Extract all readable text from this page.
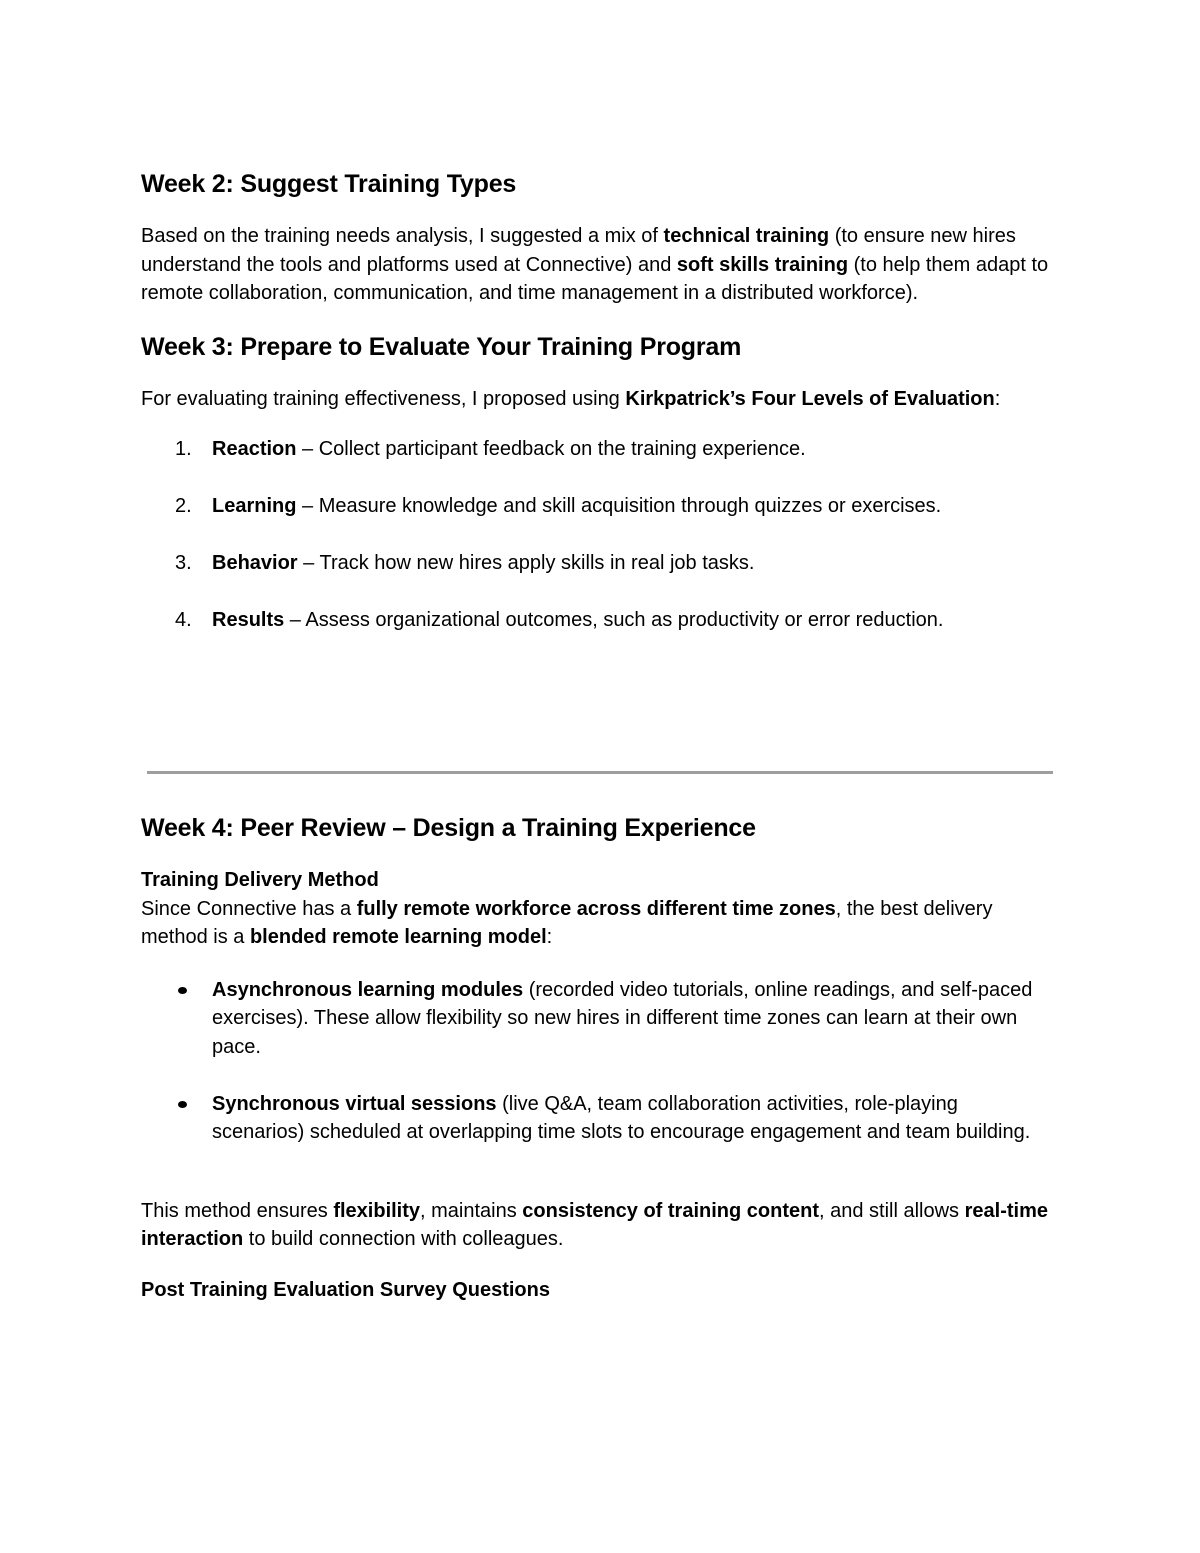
Week 2: Suggest Training Types

Based on the training needs analysis, I suggested a mix of technical training (to ensure new hires understand the tools and platforms used at Connective) and soft skills training (to help them adapt to remote collaboration, communication, and time management in a distributed workforce).

Week 3: Prepare to Evaluate Your Training Program

For evaluating training effectiveness, I proposed using Kirkpatrick’s Four Levels of Evaluation:

1. Reaction – Collect participant feedback on the training experience.
2. Learning – Measure knowledge and skill acquisition through quizzes or exercises.
3. Behavior – Track how new hires apply skills in real job tasks.
4. Results – Assess organizational outcomes, such as productivity or error reduction.
Week 4: Peer Review – Design a Training Experience

Training Delivery Method

Since Connective has a fully remote workforce across different time zones, the best delivery method is a blended remote learning model:

Asynchronous learning modules (recorded video tutorials, online readings, and self-paced exercises). These allow flexibility so new hires in different time zones can learn at their own pace.
Synchronous virtual sessions (live Q&A, team collaboration activities, role-playing scenarios) scheduled at overlapping time slots to encourage engagement and team building.

This method ensures flexibility, maintains consistency of training content, and still allows real-time interaction to build connection with colleagues.

Post Training Evaluation Survey Questions
